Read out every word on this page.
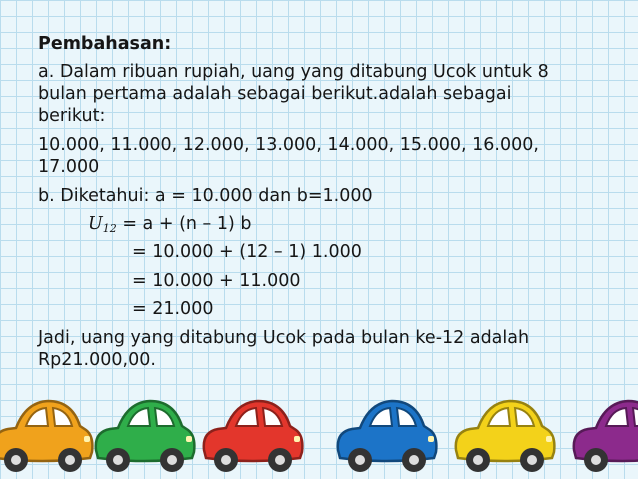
Pembahasan:
a. Dalam ribuan rupiah, uang yang ditabung Ucok untuk 8
bulan pertama adalah sebagai berikut.adalah sebagai
berikut:
10.000, 11.000, 12.000, 13.000, 14.000, 15.000, 16.000,
17.000
b. Diketahui: a = 10.000 dan b=1.000
$U_{12} = a + (n - 1)$ b
= 10.000 + (12 – 1) 1.000
= 10.000 + 11.000
= 21.000
Jadi, uang yang ditabung Ucok pada bulan ke-12 adalah
Rp21.000,00.
